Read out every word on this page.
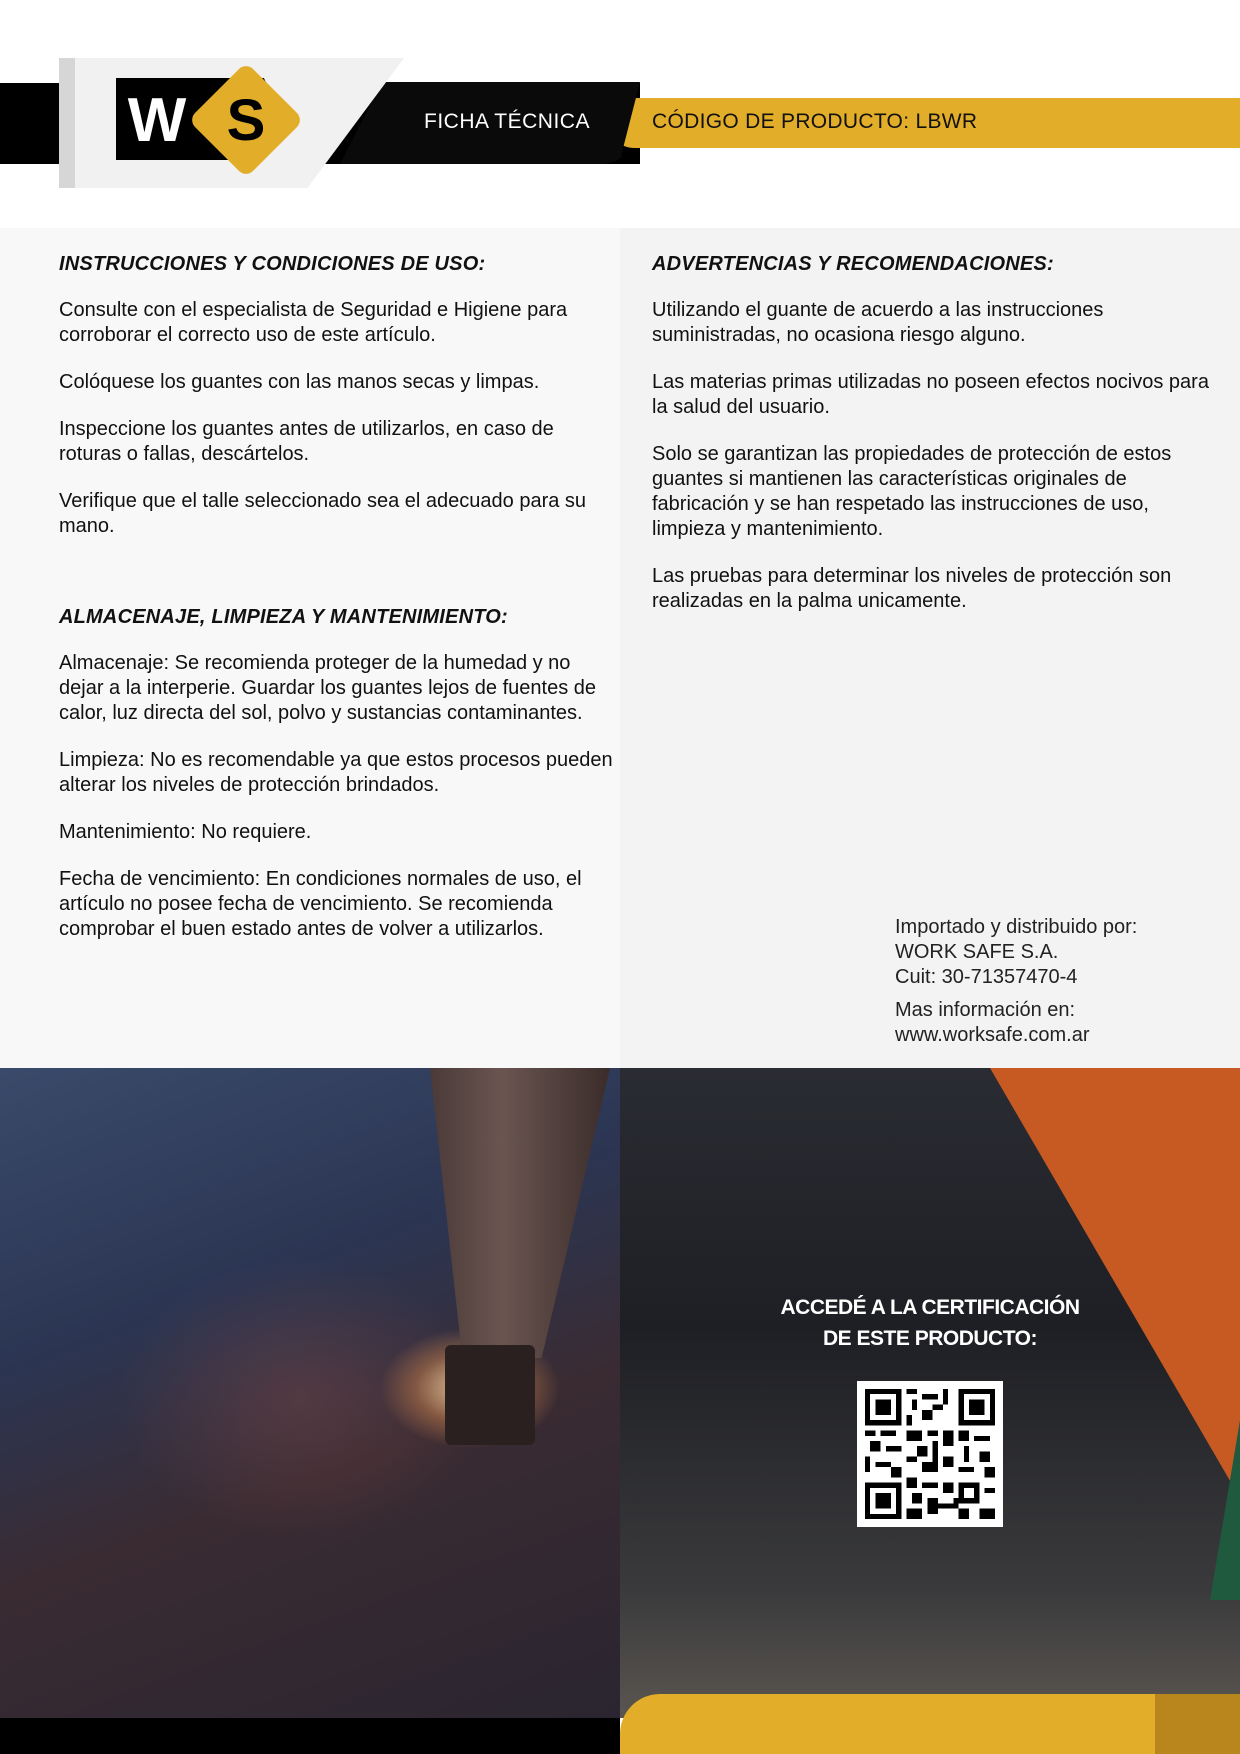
W S	FICHA TÉCNICA	CÓDIGO DE PRODUCTO: LBWR
INSTRUCCIONES Y CONDICIONES DE USO:

Consulte con el especialista de Seguridad e Higiene para corroborar el correcto uso de este artículo.

Colóquese los guantes con las manos secas y limpas.

Inspeccione los guantes antes de utilizarlos, en caso de roturas o fallas, descártelos.

Verifique que el talle seleccionado sea el adecuado para su mano.

ALMACENAJE, LIMPIEZA Y MANTENIMIENTO:

Almacenaje: Se recomienda proteger de la humedad y no dejar a la interperie. Guardar los guantes lejos de fuentes de calor, luz directa del sol, polvo y sustancias contaminantes.

Limpieza: No es recomendable ya que estos procesos pueden alterar los niveles de protección brindados.

Mantenimiento: No requiere.

Fecha de vencimiento: En condiciones normales de uso, el artículo no posee fecha de vencimiento. Se recomienda comprobar el buen estado antes de volver a utilizarlos.

ADVERTENCIAS Y RECOMENDACIONES:

Utilizando el guante de acuerdo a las instrucciones suministradas, no ocasiona riesgo alguno.

Las materias primas utilizadas no poseen efectos nocivos para la salud del usuario.

Solo se garantizan las propiedades de protección de estos guantes si mantienen las características originales de fabricación y se han respetado las instrucciones de uso, limpieza y mantenimiento.

Las pruebas para determinar los niveles de protección son realizadas en la palma unicamente.

Importado y distribuido por:
WORK SAFE S.A.

Cuit: 30-71357470-4

Mas información en:
www.worksafe.com.ar
ACCEDÉ A LA CERTIFICACIÓN
DE ESTE PRODUCTO:
